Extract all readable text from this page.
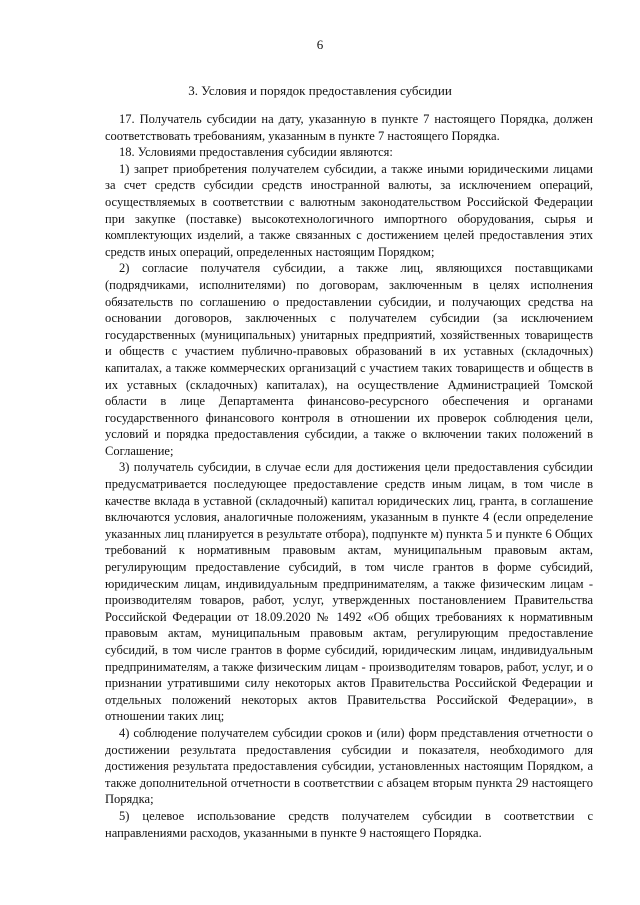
6
3. Условия и порядок предоставления субсидии

17. Получатель субсидии на дату, указанную в пункте 7 настоящего Порядка, должен соответствовать требованиям, указанным в пункте 7 настоящего Порядка.

18. Условиями предоставления субсидии являются:

1) запрет приобретения получателем субсидии, а также иными юридическими лицами за счет средств субсидии средств иностранной валюты, за исключением операций, осуществляемых в соответствии с валютным законодательством Российской Федерации при закупке (поставке) высокотехнологичного импортного оборудования, сырья и комплектующих изделий, а также связанных с достижением целей предоставления этих средств иных операций, определенных настоящим Порядком;

2) согласие получателя субсидии, а также лиц, являющихся поставщиками (подрядчиками, исполнителями) по договорам, заключенным в целях исполнения обязательств по соглашению о предоставлении субсидии, и получающих средства на основании договоров, заключенных с получателем субсидии (за исключением государственных (муниципальных) унитарных предприятий, хозяйственных товариществ и обществ с участием публично-правовых образований в их уставных (складочных) капиталах, а также коммерческих организаций с участием таких товариществ и обществ в их уставных (складочных) капиталах), на осуществление Администрацией Томской области в лице Департамента финансово-ресурсного обеспечения и органами государственного финансового контроля в отношении их проверок соблюдения цели, условий и порядка предоставления субсидии, а также о включении таких положений в Соглашение;

3) получатель субсидии, в случае если для достижения цели предоставления субсидии предусматривается последующее предоставление средств иным лицам, в том числе в качестве вклада в уставной (складочный) капитал юридических лиц, гранта, в соглашение включаются условия, аналогичные положениям, указанным в пункте 4 (если определение указанных лиц планируется в результате отбора), подпункте м) пункта 5 и пункте 6 Общих требований к нормативным правовым актам, муниципальным правовым актам, регулирующим предоставление субсидий, в том числе грантов в форме субсидий, юридическим лицам, индивидуальным предпринимателям, а также физическим лицам - производителям товаров, работ, услуг, утвержденных постановлением Правительства Российской Федерации от 18.09.2020 № 1492 «Об общих требованиях к нормативным правовым актам, муниципальным правовым актам, регулирующим предоставление субсидий, в том числе грантов в форме субсидий, юридическим лицам, индивидуальным предпринимателям, а также физическим лицам - производителям товаров, работ, услуг, и о признании утратившими силу некоторых актов Правительства Российской Федерации и отдельных положений некоторых актов Правительства Российской Федерации», в отношении таких лиц;

4) соблюдение получателем субсидии сроков и (или) форм представления отчетности о достижении результата предоставления субсидии и показателя, необходимого для достижения результата предоставления субсидии, установленных настоящим Порядком, а также дополнительной отчетности в соответствии с абзацем вторым пункта 29 настоящего Порядка;

5) целевое использование средств получателем субсидии в соответствии с направлениями расходов, указанными в пункте 9 настоящего Порядка.
